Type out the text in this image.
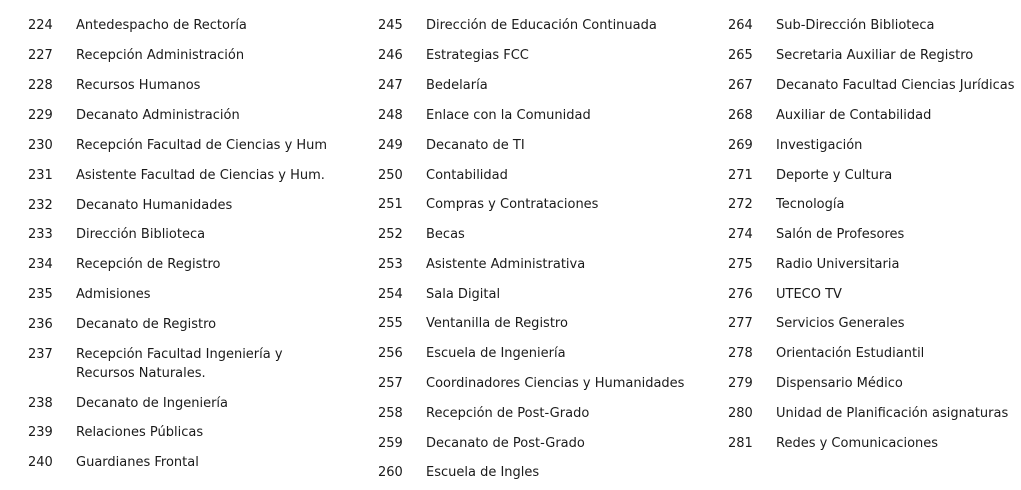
224	Antedespacho de Rectoría
227	Recepción Administración
228	Recursos Humanos
229	Decanato Administración
230	Recepción Facultad de Ciencias y Hum
231	Asistente Facultad de Ciencias y Hum.
232	Decanato Humanidades
233	Dirección Biblioteca
234	Recepción de Registro
235	Admisiones
236	Decanato de Registro
237	Recepción Facultad Ingeniería y Recursos Naturales.
238	Decanato de Ingeniería
239	Relaciones Públicas
240	Guardianes Frontal
245	Dirección de Educación Continuada
246	Estrategias FCC
247	Bedelaría
248	Enlace con la Comunidad
249	Decanato de TI
250	Contabilidad
251	Compras y Contrataciones
252	Becas
253	Asistente Administrativa
254	Sala Digital
255	Ventanilla de Registro
256	Escuela de Ingeniería
257	Coordinadores Ciencias y Humanidades
258	Recepción de Post-Grado
259	Decanato de Post-Grado
260	Escuela de Ingles
264	Sub-Dirección Biblioteca
265	Secretaria Auxiliar de Registro
267	Decanato Facultad Ciencias Jurídicas
268	Auxiliar de Contabilidad
269	Investigación
271	Deporte y Cultura
272	Tecnología
274	Salón de Profesores
275	Radio Universitaria
276	UTECO TV
277	Servicios Generales
278	Orientación Estudiantil
279	Dispensario Médico
280	Unidad de Planificación asignaturas
281	Redes y Comunicaciones
